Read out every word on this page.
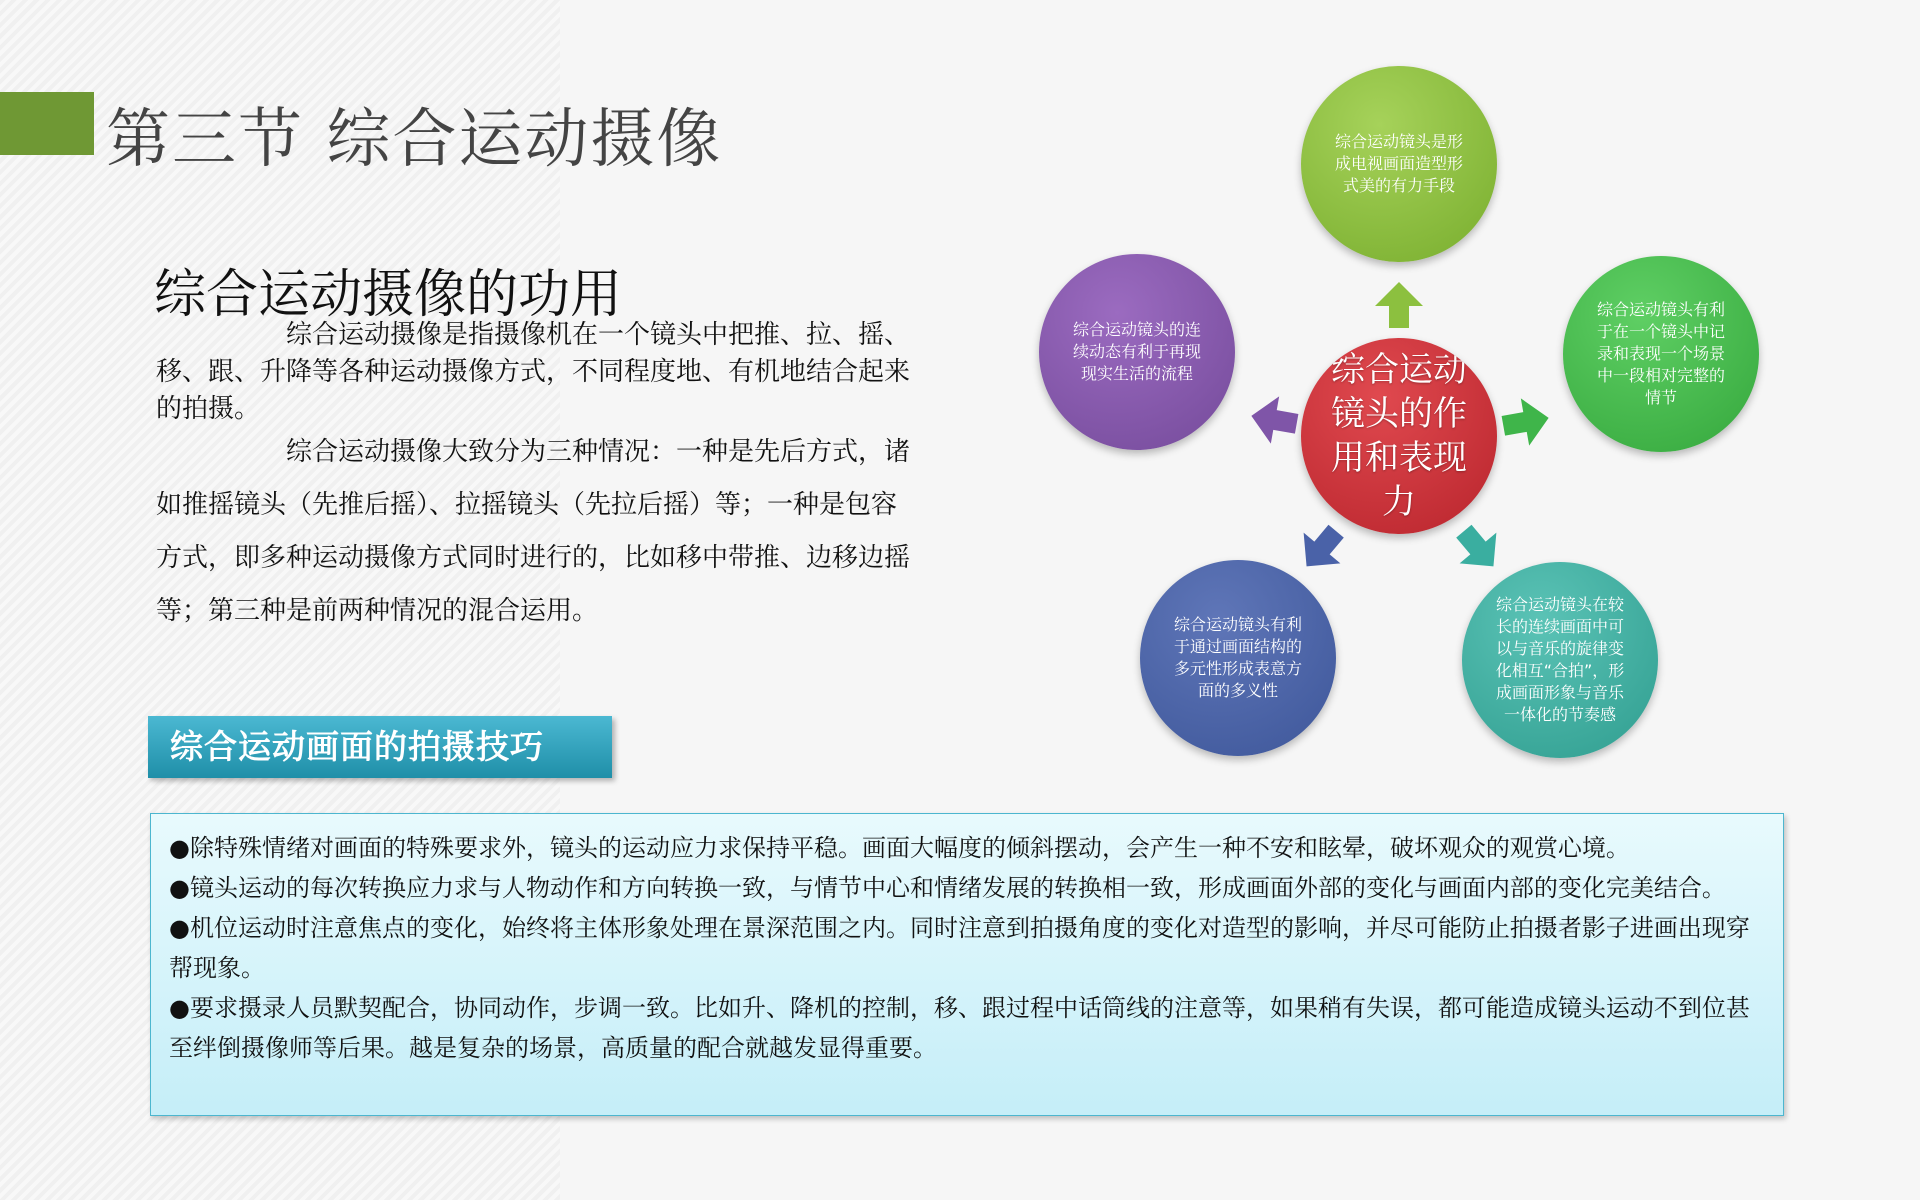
第三节 综合运动摄像
综合运动摄像的功用

综合运动摄像是指摄像机在一个镜头中把推、拉、摇、移、跟、升降等各种运动摄像方式，不同程度地、有机地结合起来的拍摄。

综合运动摄像大致分为三种情况：一种是先后方式，诸如推摇镜头（先推后摇）、拉摇镜头（先拉后摇）等；一种是包容方式，即多种运动摄像方式同时进行的，比如移中带推、边移边摇等；第三种是前两种情况的混合运用。

综合运动画面的拍摄技巧

●除特殊情绪对画面的特殊要求外，镜头的运动应力求保持平稳。画面大幅度的倾斜摆动，会产生一种不安和眩晕，破坏观众的观赏心境。

●镜头运动的每次转换应力求与人物动作和方向转换一致，与情节中心和情绪发展的转换相一致，形成画面外部的变化与画面内部的变化完美结合。

●机位运动时注意焦点的变化，始终将主体形象处理在景深范围之内。同时注意到拍摄角度的变化对造型的影响，并尽可能防止拍摄者影子进画出现穿帮现象。

●要求摄录人员默契配合，协同动作，步调一致。比如升、降机的控制，移、跟过程中话筒线的注意等，如果稍有失误，都可能造成镜头运动不到位甚至绊倒摄像师等后果。越是复杂的场景，高质量的配合就越发显得重要。

综合运动镜头是形成电视画面造型形式美的有力手段
综合运动镜头的连续动态有利于再现现实生活的流程
综合运动镜头有利于在一个镜头中记录和表现一个场景中一段相对完整的情节
综合运动镜头有利于通过画面结构的多元性形成表意方面的多义性
综合运动镜头在较长的连续画面中可以与音乐的旋律变化相互“合拍”，形成画面形象与音乐一体化的节奏感
综合运动镜头的作用和表现力
